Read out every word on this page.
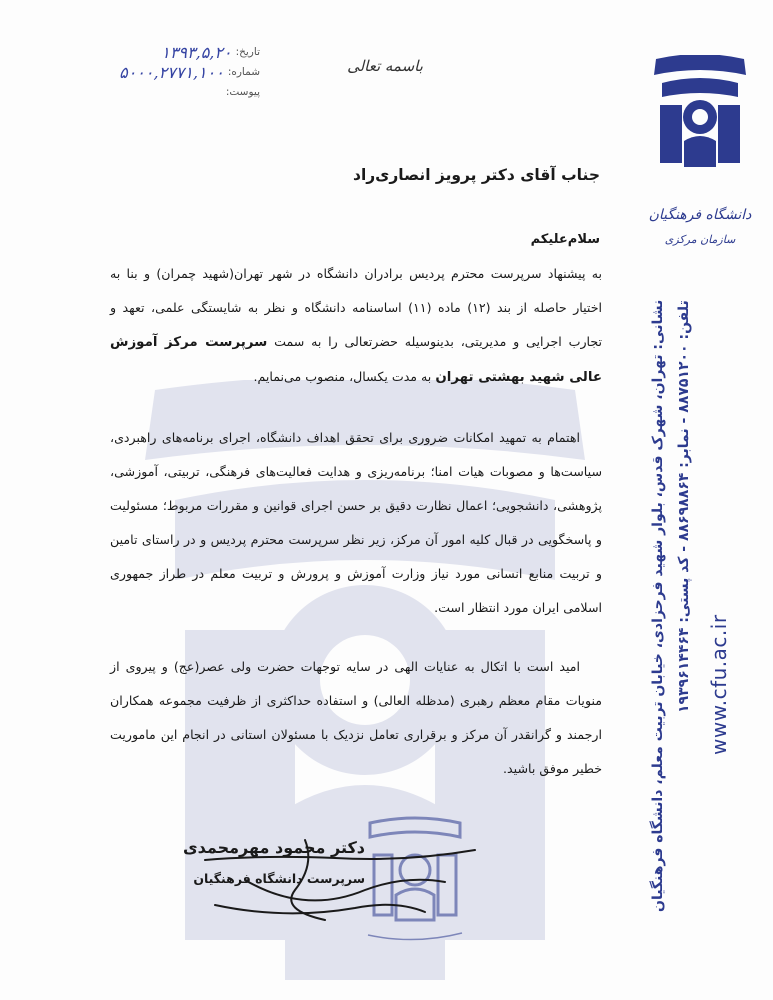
دانشگاه فرهنگیان
سازمان مرکزی
نشانی: تهران، شهرک قدس، بلوار شهید فرحزادی، خیابان تربیت معلم، دانشگاه فرهنگیان تلفن: ۸۸۷۵۱۲۰۰ - نمابر: ۸۸۶۹۸۸۶۴ - کد پستی: ۱۹۳۹۶۱۴۴۶۴
www.cfu.ac.ir
تاریخ:
۱۳۹۳,۵,۲۰
شماره:
۵۰۰۰,۲۷۷۱,۱۰۰
پیوست:
باسمه تعالی
جناب آقای دکتر پرویز انصاری‌راد
سلام‌علیکم
به پیشنهاد سرپرست محترم پردیس برادران دانشگاه در شهر تهران(شهید چمران) و بنا به اختیار حاصله از بند (۱۲) ماده (۱۱) اساسنامه دانشگاه و نظر به شایستگی علمی، تعهد و تجارب اجرایی و مدیریتی، بدینوسیله حضرتعالی را به سمت سرپرست مرکز آموزش عالی شهید بهشتی تهران به مدت یکسال، منصوب می‌نمایم.
اهتمام به تمهید امکانات ضروری برای تحقق اهداف دانشگاه، اجرای برنامه‌های راهبردی، سیاست‌ها و مصوبات هیات امنا؛ برنامه‌ریزی و هدایت فعالیت‌های فرهنگی، تربیتی، آموزشی، پژوهشی، دانشجویی؛ اعمال نظارت دقیق بر حسن اجرای قوانین و مقررات مربوط؛ مسئولیت و پاسخگویی در قبال کلیه امور آن مرکز، زیر نظر سرپرست محترم پردیس و در راستای تامین و تربیت منابع انسانی مورد نیاز وزارت آموزش و پرورش و تربیت معلم در طراز جمهوری اسلامی ایران مورد انتظار است.
امید است با اتکال به عنایات الهی در سایه توجهات حضرت ولی عصر(عج) و پیروی از منویات مقام معظم رهبری (مدظله العالی) و استفاده حداکثری از ظرفیت مجموعه همکاران ارجمند و گرانقدر آن مرکز و برقراری تعامل نزدیک با مسئولان استانی در انجام این ماموریت خطیر موفق باشید.
دکتر محمود مهرمحمدی
سرپرست دانشگاه فرهنگیان
